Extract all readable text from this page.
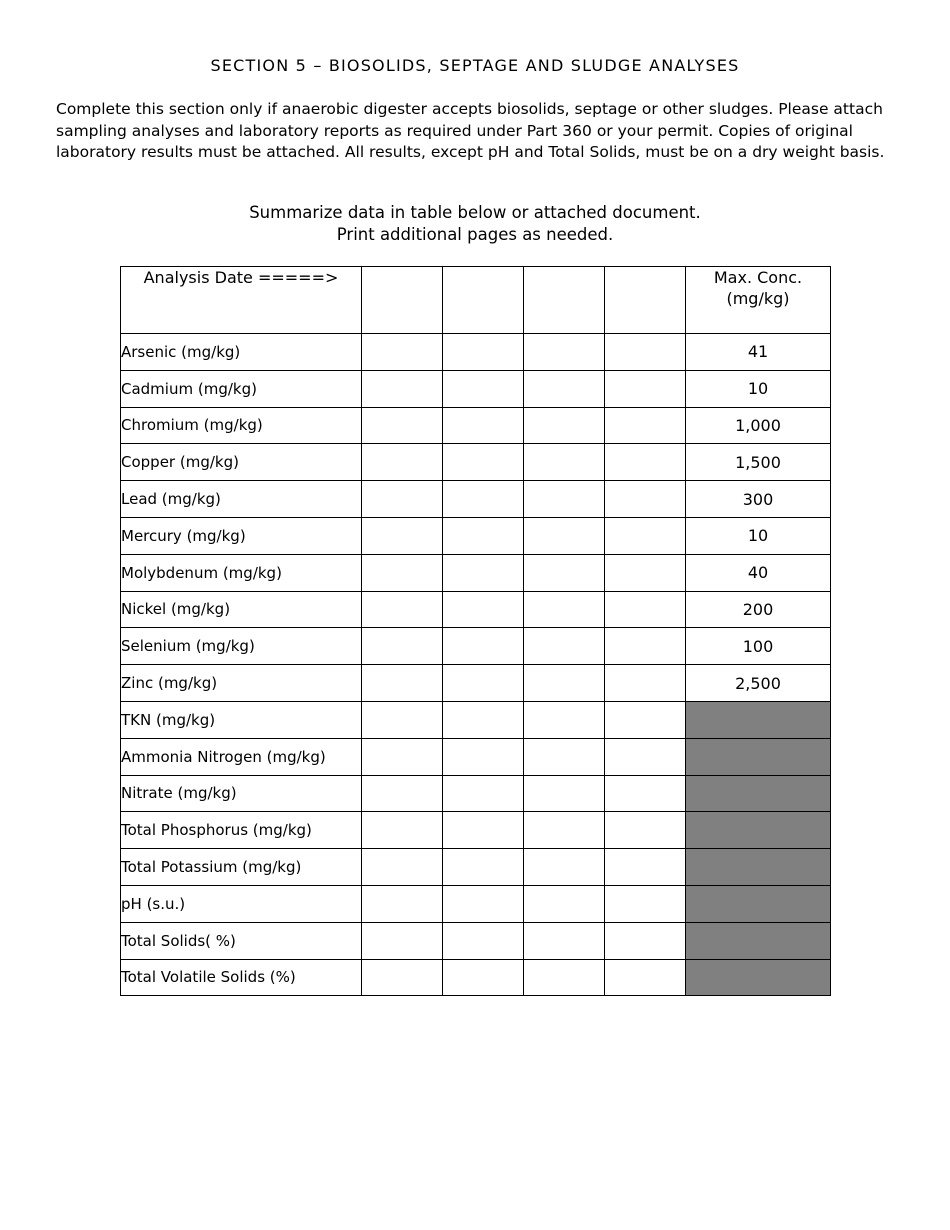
SECTION 5 – BIOSOLIDS, SEPTAGE AND SLUDGE ANALYSES
Complete this section only if anaerobic digester accepts biosolids, septage or other sludges. Please attach sampling analyses and laboratory reports as required under Part 360 or your permit. Copies of original laboratory results must be attached. All results, except pH and Total Solids, must be on a dry weight basis.
Summarize data in table below or attached document.
Print additional pages as needed.
Analysis Date =====>					Max. Conc.
(mg/kg)

Arsenic (mg/kg)					41
Cadmium (mg/kg)					10
Chromium (mg/kg)					1,000
Copper (mg/kg)					1,500
Lead (mg/kg)					300
Mercury (mg/kg)					10
Molybdenum (mg/kg)					40
Nickel (mg/kg)					200
Selenium (mg/kg)					100
Zinc (mg/kg)					2,500
TKN (mg/kg)					
Ammonia Nitrogen (mg/kg)					
Nitrate (mg/kg)					
Total Phosphorus (mg/kg)					
Total Potassium (mg/kg)					
pH (s.u.)					
Total Solids( %)					
Total Volatile Solids (%)					
